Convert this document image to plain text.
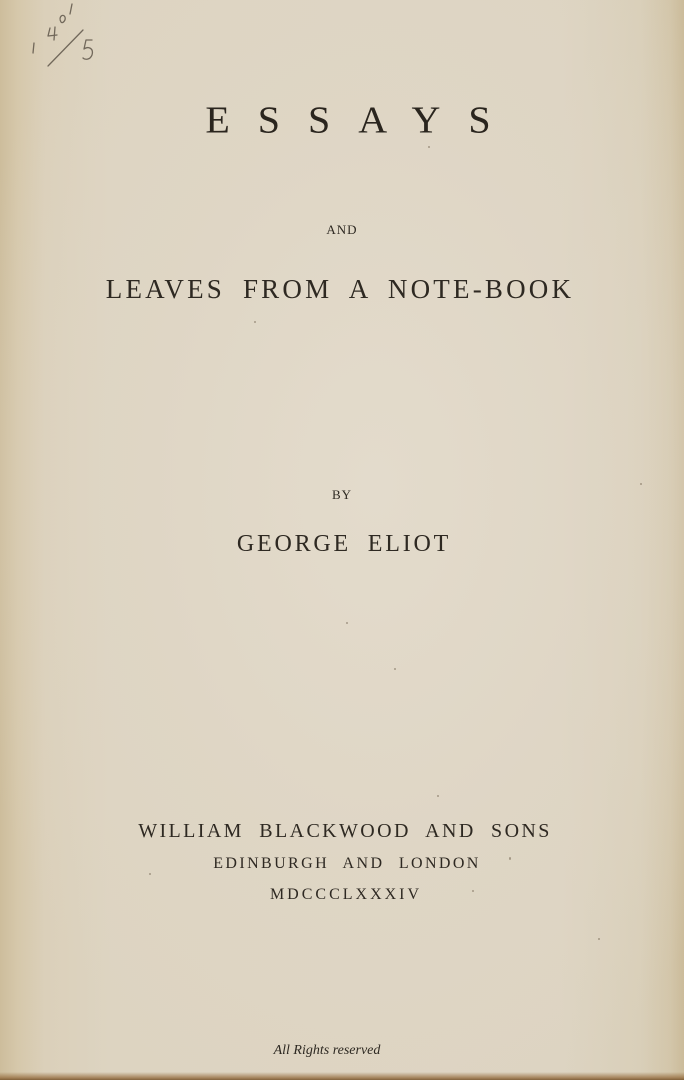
ESSAYS
AND
LEAVES FROM A NOTE-BOOK
BY
GEORGE ELIOT
WILLIAM BLACKWOOD AND SONS
EDINBURGH AND LONDON
MDCCCLXXXIV
All Rights reserved
